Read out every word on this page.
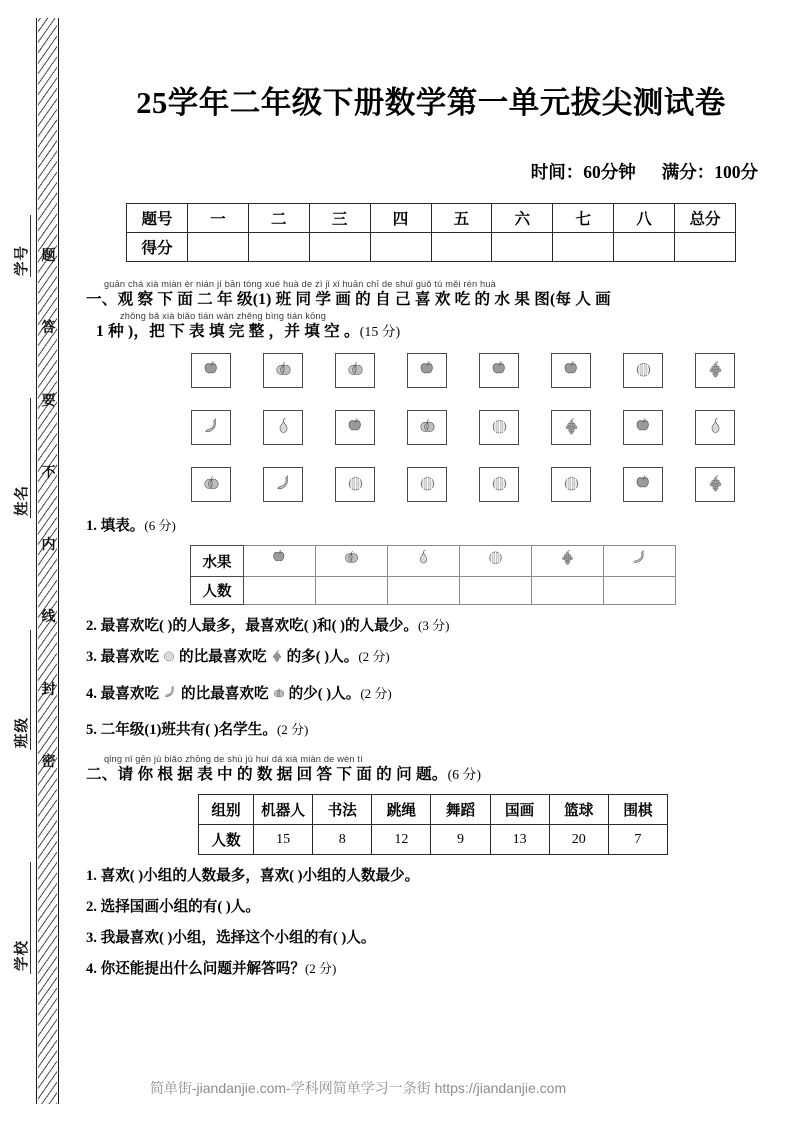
密
封
线
内
不
要
答
题
学号
姓名
班级
学校
25学年二年级下册数学第一单元拔尖测试卷
时间：60分钟 满分：100分
题号	一	二	三	四	五	六	七	八	总分
得分									
guān chá xià miàn èr nián jí bān tóng xué huà de zì jǐ xǐ huān chī de shuǐ guǒ tú měi rén huà
一、观 察 下 面 二 年 级(1) 班 同 学 画 的 自 己 喜 欢 吃 的 水 果 图(每 人 画
zhǒng bǎ xià biǎo tián wán zhěng bìng tián kōng
1 种 )，把 下 表 填 完 整 ，并 填 空 。(15 分)
1. 填表。(6 分)
水果						
人数						
2. 最喜欢吃( )的人最多，最喜欢吃( )和( )的人最少。(3 分)
3. 最喜欢吃 的比最喜欢吃 的多( )人。(2 分)
4. 最喜欢吃 的比最喜欢吃 的少( )人。(2 分)
5. 二年级(1)班共有( )名学生。(2 分)
qǐng nǐ gēn jù biǎo zhōng de shù jù huí dá xià miàn de wèn tí
二、请 你 根 据 表 中 的 数 据 回 答 下 面 的 问 题。(6 分)
组别	机器人	书法	跳绳	舞蹈	国画	篮球	围棋
人数	15	8	12	9	13	20	7
1. 喜欢( )小组的人数最多，喜欢( )小组的人数最少。
2. 选择国画小组的有( )人。
3. 我最喜欢( )小组，选择这个小组的有( )人。
4. 你还能提出什么问题并解答吗？(2 分)
简单街-jiandanjie.com-学科网简单学习一条街 https://jiandanjie.com
